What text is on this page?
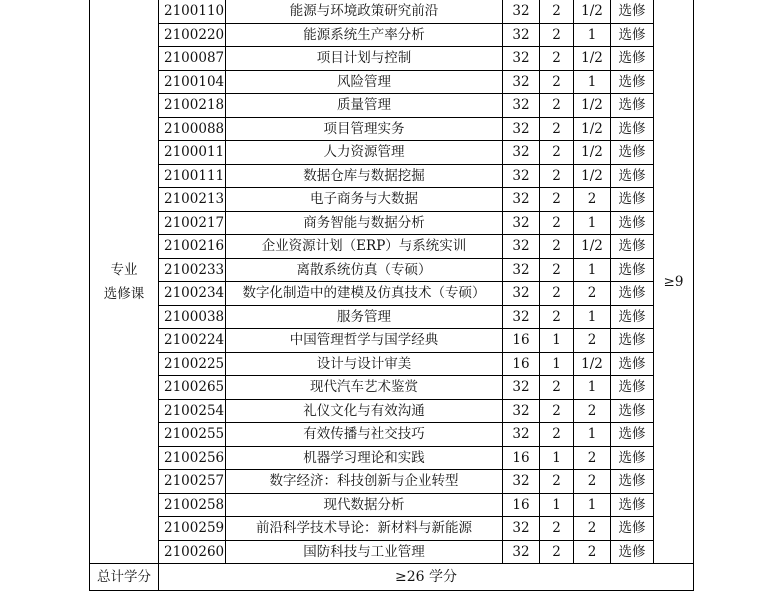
专业
选修课	2100110	能源与环境政策研究前沿	32	2	1/2	选修	≥9
	2100220	能源系统生产率分析	32	2	1	选修	
	2100087	项目计划与控制	32	2	1/2	选修	
	2100104	风险管理	32	2	1	选修	
	2100218	质量管理	32	2	1/2	选修	
	2100088	项目管理实务	32	2	1/2	选修	
	2100011	人力资源管理	32	2	1/2	选修	
	2100111	数据仓库与数据挖掘	32	2	1/2	选修	
	2100213	电子商务与大数据	32	2	2	选修	
	2100217	商务智能与数据分析	32	2	1	选修	
	2100216	企业资源计划（ERP）与系统实训	32	2	1/2	选修	
	2100233	离散系统仿真（专硕）	32	2	1	选修	
	2100234	数字化制造中的建模及仿真技术（专硕）	32	2	2	选修	
	2100038	服务管理	32	2	1	选修	
	2100224	中国管理哲学与国学经典	16	1	2	选修	
	2100225	设计与设计审美	16	1	1/2	选修	
	2100265	现代汽车艺术鉴赏	32	2	1	选修	
	2100254	礼仪文化与有效沟通	32	2	2	选修	
	2100255	有效传播与社交技巧	32	2	1	选修	
	2100256	机器学习理论和实践	16	1	2	选修	
	2100257	数字经济：科技创新与企业转型	32	2	2	选修	
	2100258	现代数据分析	16	1	1	选修	
	2100259	前沿科学技术导论：新材料与新能源	32	2	2	选修	
	2100260	国防科技与工业管理	32	2	2	选修	
总计学分	≥26 学分						
